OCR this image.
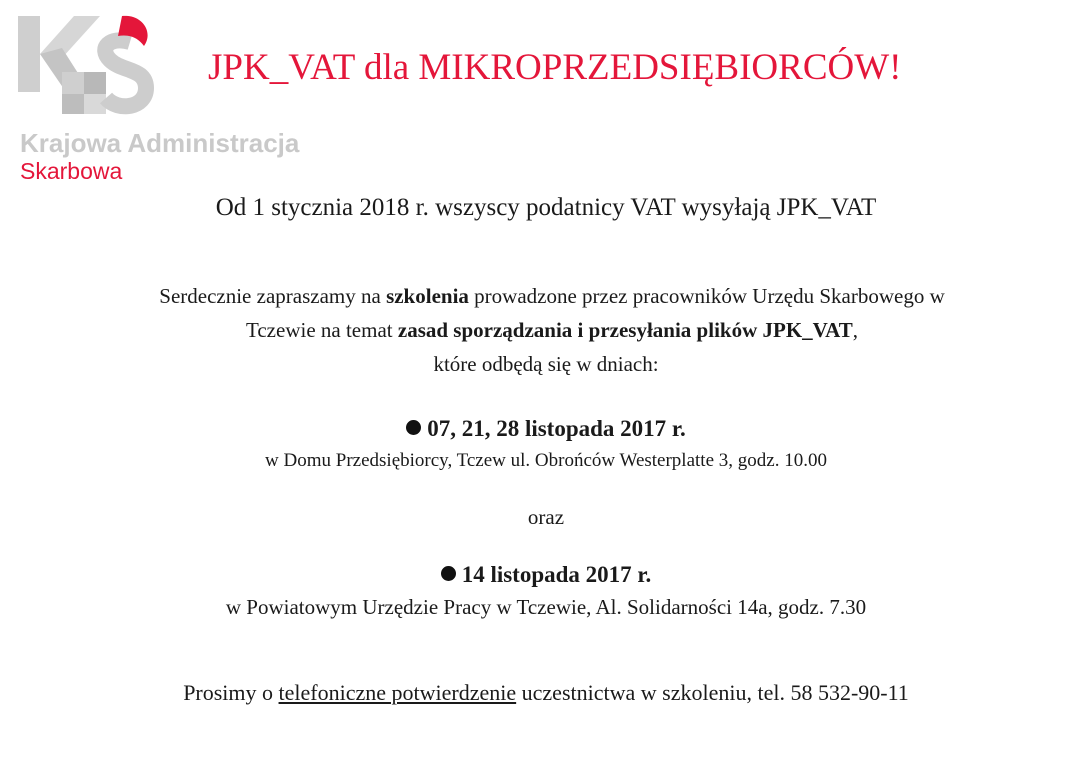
Krajowa Administracja
Skarbowa
JPK_VAT dla MIKROPRZEDSIĘBIORCÓW!
Od 1 stycznia 2018 r. wszyscy podatnicy VAT wysyłają JPK_VAT
Serdecznie zapraszamy na szkolenia prowadzone przez pracowników Urzędu Skarbowego w
Tczewie na temat zasad sporządzania i przesyłania plików JPK_VAT,
które odbędą się w dniach:
07, 21, 28 listopada 2017 r.
w Domu Przedsiębiorcy, Tczew ul. Obrońców Westerplatte 3, godz. 10.00
oraz
14 listopada 2017 r.
w Powiatowym Urzędzie Pracy w Tczewie, Al. Solidarności 14a, godz. 7.30
Prosimy o telefoniczne potwierdzenie uczestnictwa w szkoleniu, tel. 58 532-90-11
